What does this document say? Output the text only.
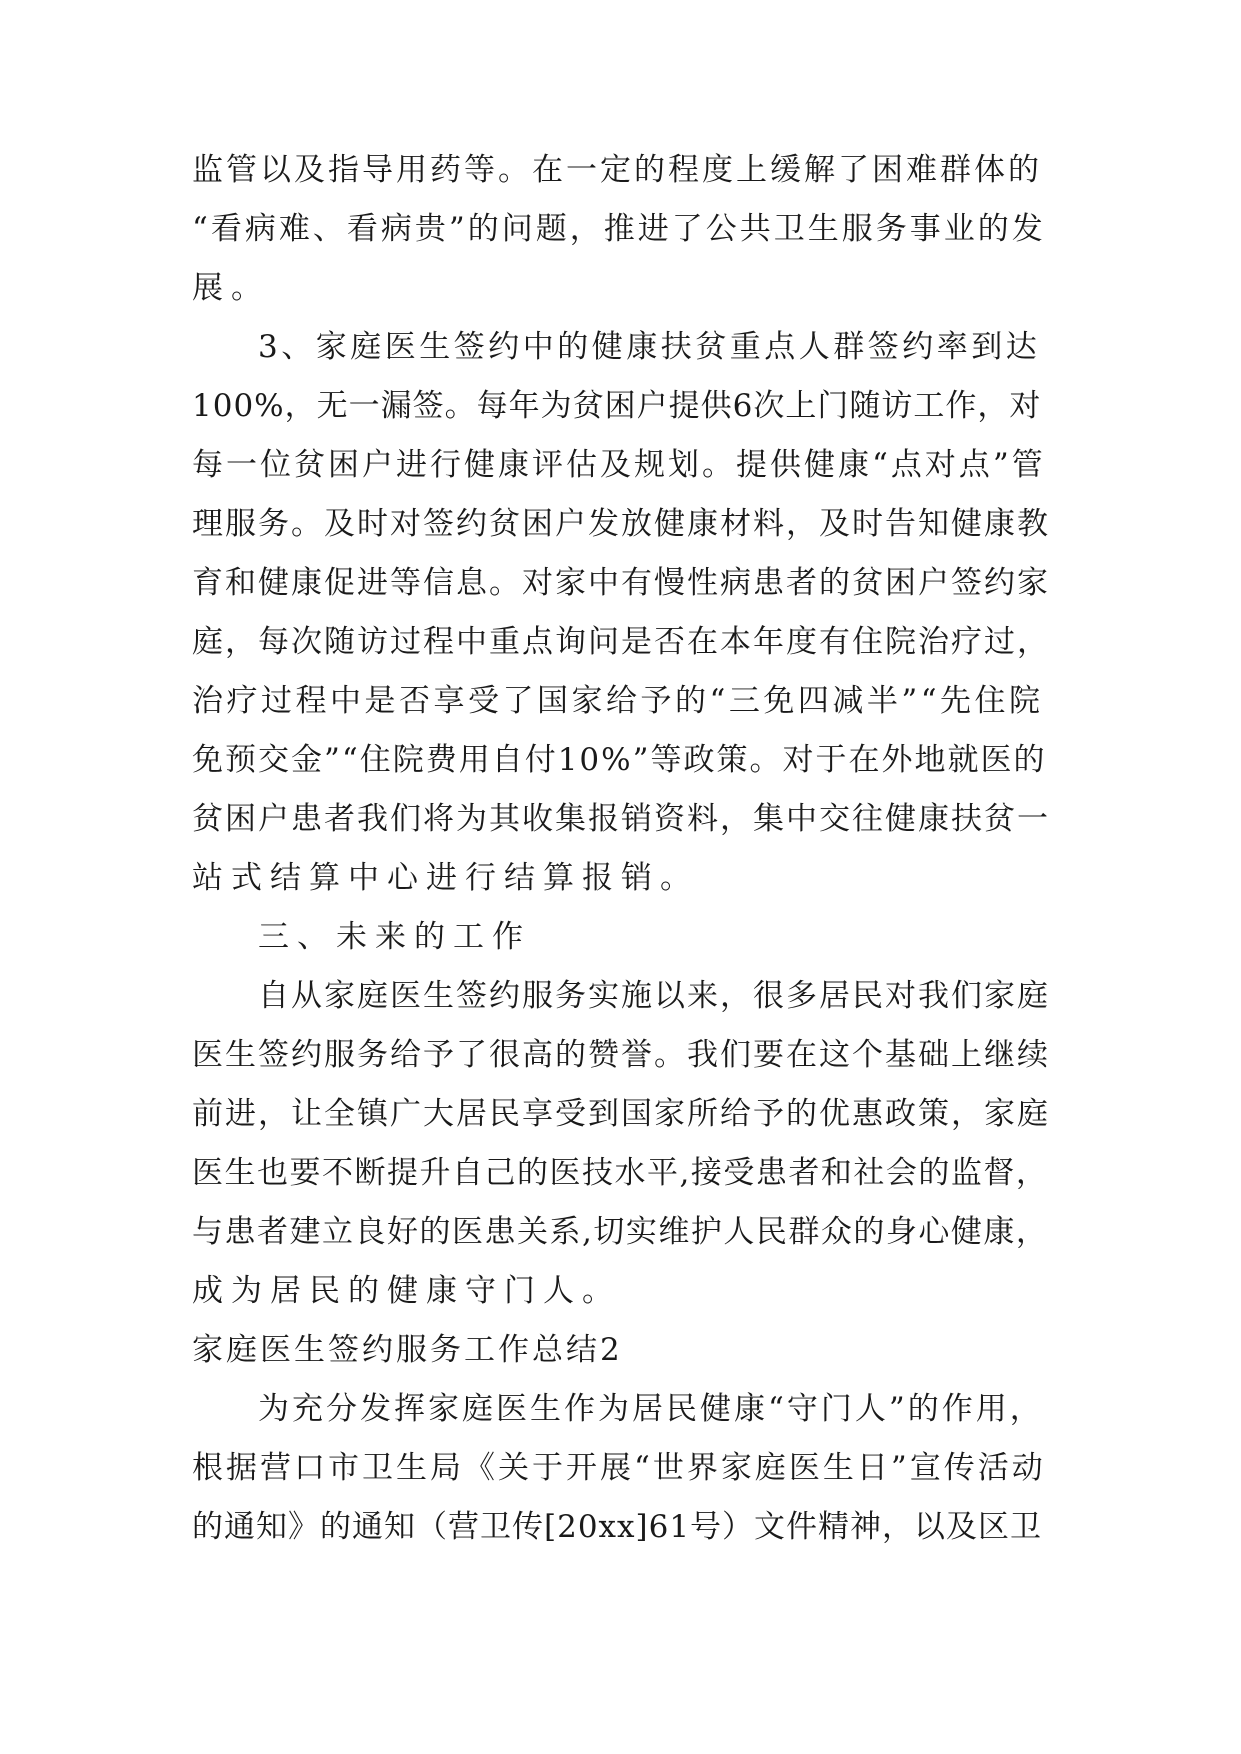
监管以及指导用药等。在一定的程度上缓解了困难群体的
“看病难、看病贵”的问题，推进了公共卫生服务事业的发
展。
3、家庭医生签约中的健康扶贫重点人群签约率到达
100%，无一漏签。每年为贫困户提供6次上门随访工作，对
每一位贫困户进行健康评估及规划。提供健康“点对点”管
理服务。及时对签约贫困户发放健康材料，及时告知健康教
育和健康促进等信息。对家中有慢性病患者的贫困户签约家
庭，每次随访过程中重点询问是否在本年度有住院治疗过，
治疗过程中是否享受了国家给予的“三免四减半”“先住院
免预交金”“住院费用自付10%”等政策。对于在外地就医的
贫困户患者我们将为其收集报销资料，集中交往健康扶贫一
站式结算中心进行结算报销。
三、未来的工作
自从家庭医生签约服务实施以来，很多居民对我们家庭
医生签约服务给予了很高的赞誉。我们要在这个基础上继续
前进，让全镇广大居民享受到国家所给予的优惠政策，家庭
医生也要不断提升自己的医技水平,接受患者和社会的监督，
与患者建立良好的医患关系,切实维护人民群众的身心健康，
成为居民的健康守门人。
家庭医生签约服务工作总结2
为充分发挥家庭医生作为居民健康“守门人”的作用，
根据营口市卫生局《关于开展“世界家庭医生日”宣传活动
的通知》的通知（营卫传[20xx]61号）文件精神，以及区卫
